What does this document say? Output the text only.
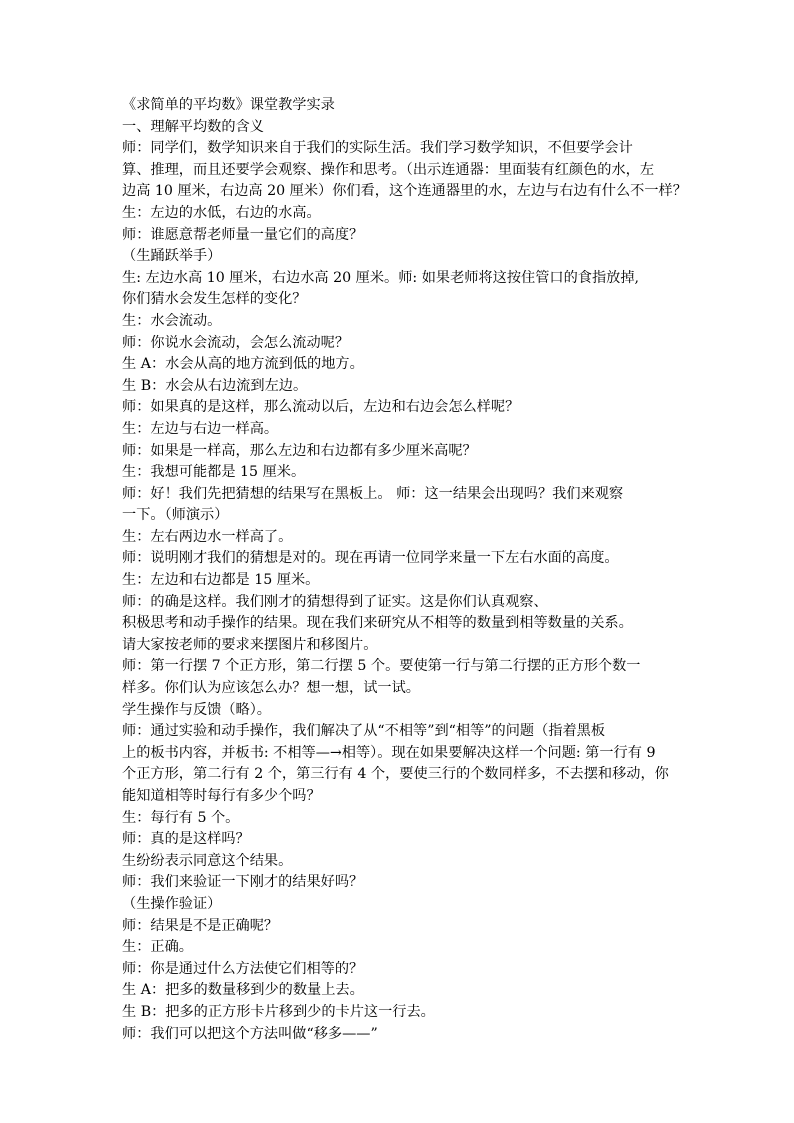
《求简单的平均数》课堂教学实录

一、理解平均数的含义

师：同学们，数学知识来自于我们的实际生活。我们学习数学知识，不但要学会计

算、推理，而且还要学会观察、操作和思考。（出示连通器：里面装有红颜色的水，左

边高 10 厘米，右边高 20 厘米）你们看，这个连通器里的水，左边与右边有什么不一样？

生：左边的水低，右边的水高。

师：谁愿意帮老师量一量它们的高度？

（生踊跃举手）

生: 左边水高 10 厘米，右边水高 20 厘米。师: 如果老师将这按住管口的食指放掉,

你们猜水会发生怎样的变化？

生：水会流动。

师：你说水会流动，会怎么流动呢？

生 A：水会从高的地方流到低的地方。

生 B：水会从右边流到左边。

师：如果真的是这样，那么流动以后，左边和右边会怎么样呢？

生：左边与右边一样高。

师：如果是一样高，那么左边和右边都有多少厘米高呢？

生：我想可能都是 15 厘米。

师：好！我们先把猜想的结果写在黑板上。 师：这一结果会出现吗？我们来观察

一下。（师演示）

生：左右两边水一样高了。

师：说明刚才我们的猜想是对的。现在再请一位同学来量一下左右水面的高度。

生：左边和右边都是 15 厘米。

师：的确是这样。我们刚才的猜想得到了证实。这是你们认真观察、

积极思考和动手操作的结果。现在我们来研究从不相等的数量到相等数量的关系。

请大家按老师的要求来摆图片和移图片。

师：第一行摆 7 个正方形，第二行摆 5 个。要使第一行与第二行摆的正方形个数一

样多。你们认为应该怎么办？想一想，试一试。

学生操作与反馈（略）。

师：通过实验和动手操作，我们解决了从“不相等”到“相等”的问题（指着黑板

上的板书内容，并板书: 不相等—→相等）。现在如果要解决这样一个问题: 第一行有 9

个正方形，第二行有 2 个，第三行有 4 个，要使三行的个数同样多，不去摆和移动，你

能知道相等时每行有多少个吗？

生：每行有 5 个。

师：真的是这样吗？

生纷纷表示同意这个结果。

师：我们来验证一下刚才的结果好吗？

（生操作验证）

师：结果是不是正确呢？

生：正确。

师：你是通过什么方法使它们相等的？

生 A：把多的数量移到少的数量上去。

生 B：把多的正方形卡片移到少的卡片这一行去。

师：我们可以把这个方法叫做“移多——”
